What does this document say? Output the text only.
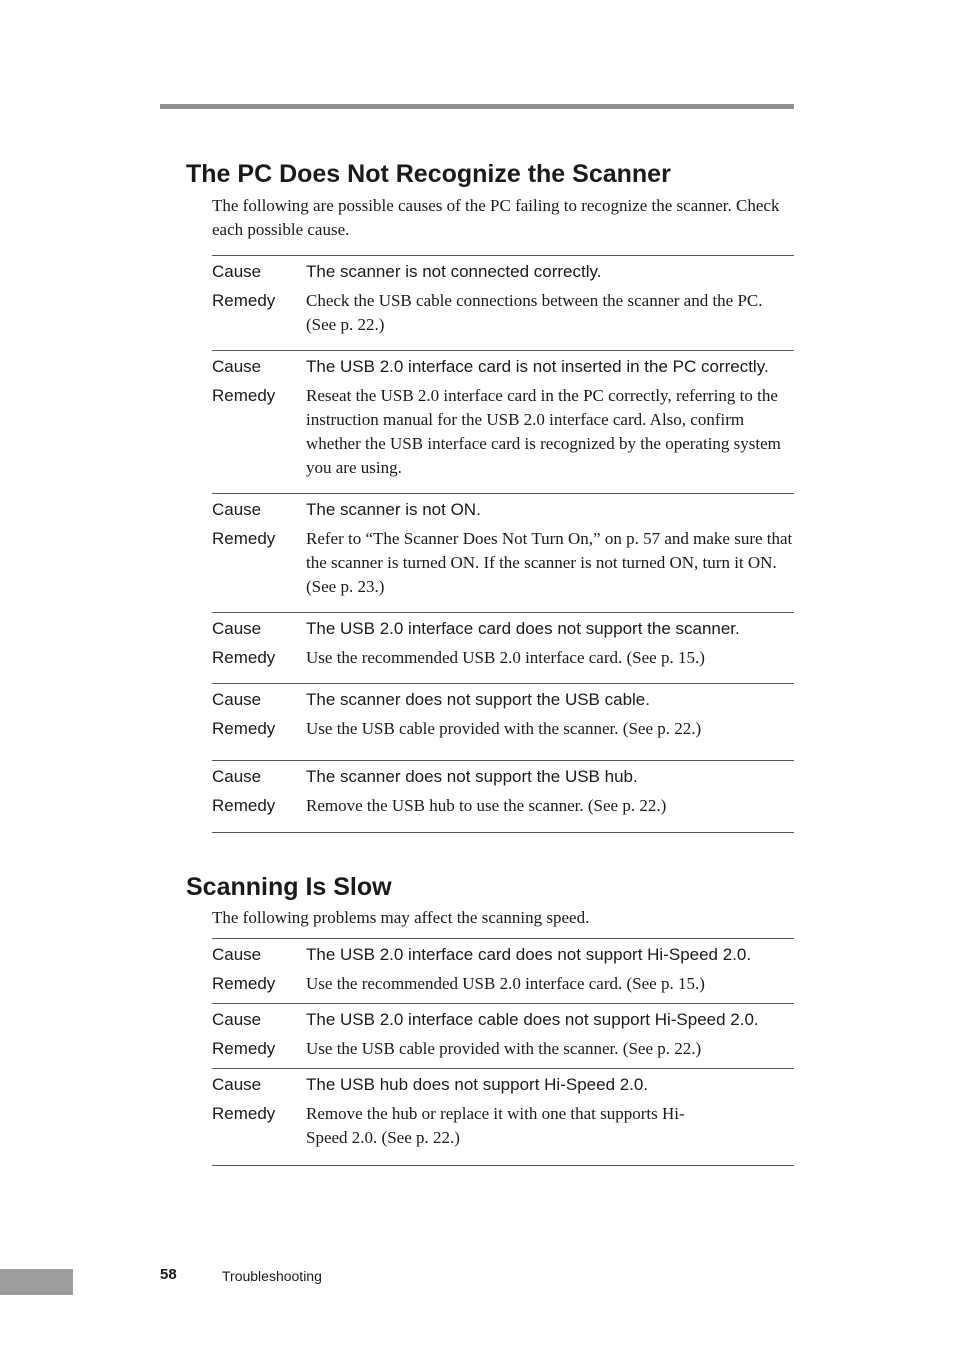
The PC Does Not Recognize the Scanner

The following are possible causes of the PC failing to recognize the scanner. Check each possible cause.

Cause	The scanner is not connected correctly.
Remedy	Check the USB cable connections between the scanner and the PC. (See p. 22.)
Cause	The USB 2.0 interface card is not inserted in the PC correctly.
Remedy	Reseat the USB 2.0 interface card in the PC correctly, referring to the instruction manual for the USB 2.0 interface card. Also, confirm whether the USB interface card is recognized by the operating system you are using.
Cause	The scanner is not ON.
Remedy	Refer to “The Scanner Does Not Turn On,” on p. 57 and make sure that the scanner is turned ON. If the scanner is not turned ON, turn it ON. (See p. 23.)
Cause	The USB 2.0 interface card does not support the scanner.
Remedy	Use the recommended USB 2.0 interface card. (See p. 15.)
Cause	The scanner does not support the USB cable.
Remedy	Use the USB cable provided with the scanner. (See p. 22.)
Cause	The scanner does not support the USB hub.
Remedy	Remove the USB hub to use the scanner. (See p. 22.)
Scanning Is Slow

The following problems may affect the scanning speed.

Cause	The USB 2.0 interface card does not support Hi-Speed 2.0.
Remedy	Use the recommended USB 2.0 interface card. (See p. 15.)
Cause	The USB 2.0 interface cable does not support Hi-Speed 2.0.
Remedy	Use the USB cable provided with the scanner. (See p. 22.)
Cause	The USB hub does not support Hi-Speed 2.0.
Remedy	Remove the hub or replace it with one that supports Hi-Speed 2.0. (See p. 22.)
58	Troubleshooting
